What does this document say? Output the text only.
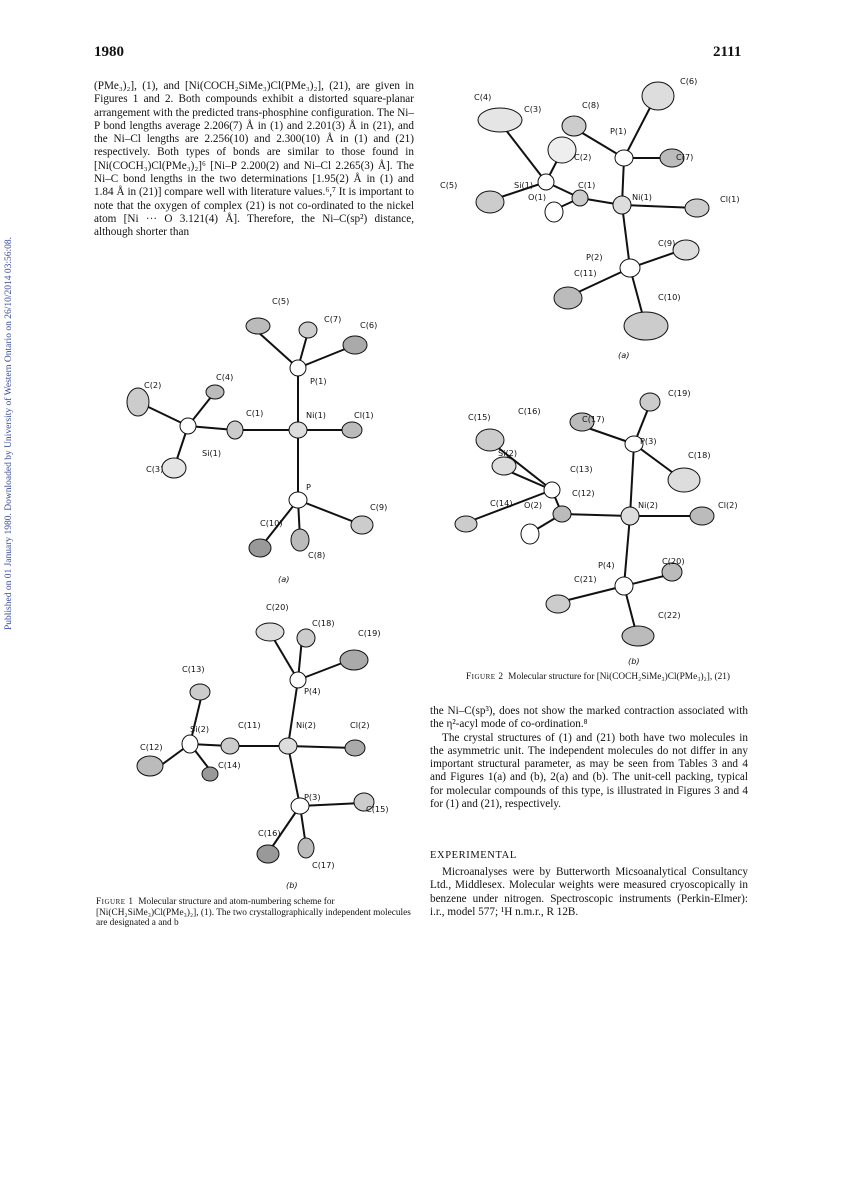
1980	2111
Published on 01 January 1980. Downloaded by University of Western Ontario on 26/10/2014 03:56:08.

(PMe₃)₂], (1), and [Ni(COCH₂SiMe₃)Cl(PMe₃)₂], (21), are given in Figures 1 and 2. Both compounds exhibit a distorted square-planar arrangement with the predicted trans-phosphine configuration. The Ni–P bond lengths average 2.206(7) Å in (1) and 2.201(3) Å in (21), and the Ni–Cl lengths are 2.256(10) and 2.300(10) Å in (1) and (21) respectively. Both types of bonds are similar to those found in [Ni(COCH₃)Cl(PMe₃)₂]⁶ [Ni–P 2.200(2) and Ni–Cl 2.265(3) Å]. The Ni–C bond lengths in the two determinations [1.95(2) Å in (1) and 1.84 Å in (21)] compare well with literature values.⁶,⁷ It is important to note that the oxygen of complex (21) is not co-ordinated to the nickel atom [Ni ··· O 3.121(4) Å]. Therefore, the Ni–C(sp²) distance, although shorter than

C(5)
C(7)
C(6)
C(2)
C(4)	P(1)
C(1)	Ni(1)	Cl(1)
Si(1)
C(3)
P
C(9)
C(10)
C(8)
(a)
C(20)
C(18)
C(19)
C(13)
P(4)
Si(2)	C(11)	Ni(2)	Cl(2)
C(12)
C(14)
P(3)
C(15)
C(16)
C(17)
(b)
Figure 1 Molecular structure and atom-numbering scheme for [Ni(CH₂SiMe₃)Cl(PMe₃)₂], (1). The two crystallographically independent molecules are designated a and b
C(6)
C(4)
C(3)	C(8)
P(1)
C(2)	C(7)
C(5)	Si(1)	C(1)
O(1)	Ni(1)	Cl(1)
P(2)
C(9)
C(11)
C(10)
(a)
C(19)
C(15)
C(16)
C(17)
P(3)
Si(2)	C(18)
C(13)
C(12)
C(14) O(2)	Ni(2)	Cl(2)
P(4)	C(20)
C(21)
C(22)
(b)
Figure 2 Molecular structure for [Ni(COCH₂SiMe₃)Cl(PMe₃)₂], (21)

the Ni–C(sp³), does not show the marked contraction associated with the η²-acyl mode of co-ordination.⁸

The crystal structures of (1) and (21) both have two molecules in the asymmetric unit. The independent molecules do not differ in any important structural parameter, as may be seen from Tables 3 and 4 and Figures 1(a) and (b), 2(a) and (b). The unit-cell packing, typical for molecular compounds of this type, is illustrated in Figures 3 and 4 for (1) and (21), respectively.

EXPERIMENTAL

Microanalyses were by Butterworth Micsoanalytical Consultancy Ltd., Middlesex. Molecular weights were measured cryoscopically in benzene under nitrogen. Spectroscopic instruments (Perkin-Elmer): i.r., model 577; ¹H n.m.r., R 12B.
